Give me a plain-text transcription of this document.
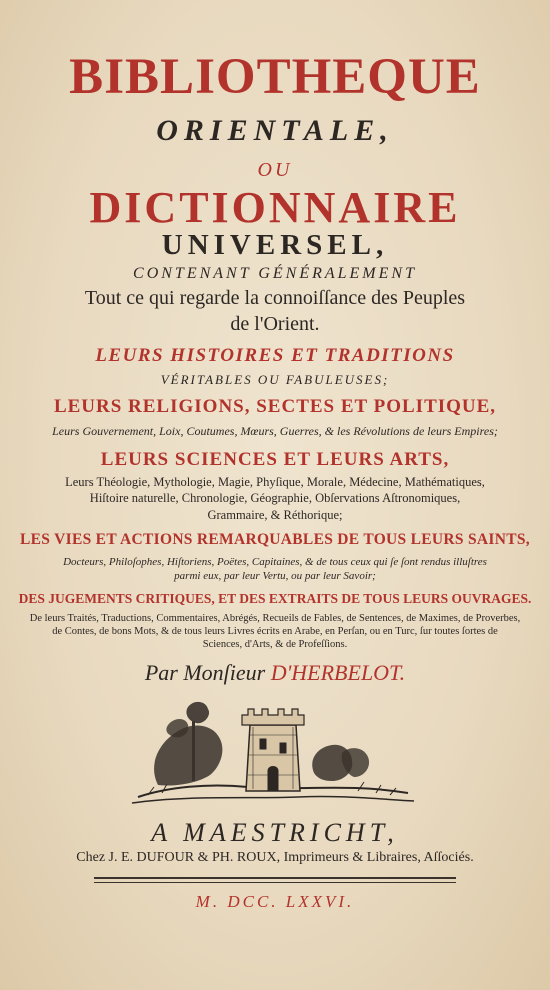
BIBLIOTHEQUE

ORIENTALE,

OU

DICTIONNAIRE

UNIVERSEL,

CONTENANT GÉNÉRALEMENT

Tout ce qui regarde la connoiſſance des Peuples

de l'Orient.

LEURS HISTOIRES ET TRADITIONS

VÉRITABLES OU FABULEUSES;

LEURS RELIGIONS, SECTES ET POLITIQUE,

Leurs Gouvernement, Loix, Coutumes, Mœurs, Guerres, & les Révolutions de leurs Empires;

LEURS SCIENCES ET LEURS ARTS,

Leurs Théologie, Mythologie, Magie, Phyſique, Morale, Médecine, Mathématiques,

Hiſtoire naturelle, Chronologie, Géographie, Obſervations Aſtronomiques,

Grammaire, & Réthorique;

LES VIES ET ACTIONS REMARQUABLES DE TOUS LEURS SAINTS,

Docteurs, Philoſophes, Hiſtoriens, Poëtes, Capitaines, & de tous ceux qui ſe ſont rendus illuſtres

parmi eux, par leur Vertu, ou par leur Savoir;

DES JUGEMENTS CRITIQUES, ET DES EXTRAITS DE TOUS LEURS OUVRAGES.

De leurs Traités, Traductions, Commentaires, Abrégés, Recueils de Fables, de Sentences, de Maximes, de Proverbes,

de Contes, de bons Mots, & de tous leurs Livres écrits en Arabe, en Perſan, ou en Turc, ſur toutes ſortes de

Sciences, d'Arts, & de Profeſſions.

Par Monſieur D'HERBELOT.

A MAESTRICHT,

Chez J. E. DUFOUR & PH. ROUX, Imprimeurs & Libraires, Aſſociés.

M. DCC. LXXVI.
